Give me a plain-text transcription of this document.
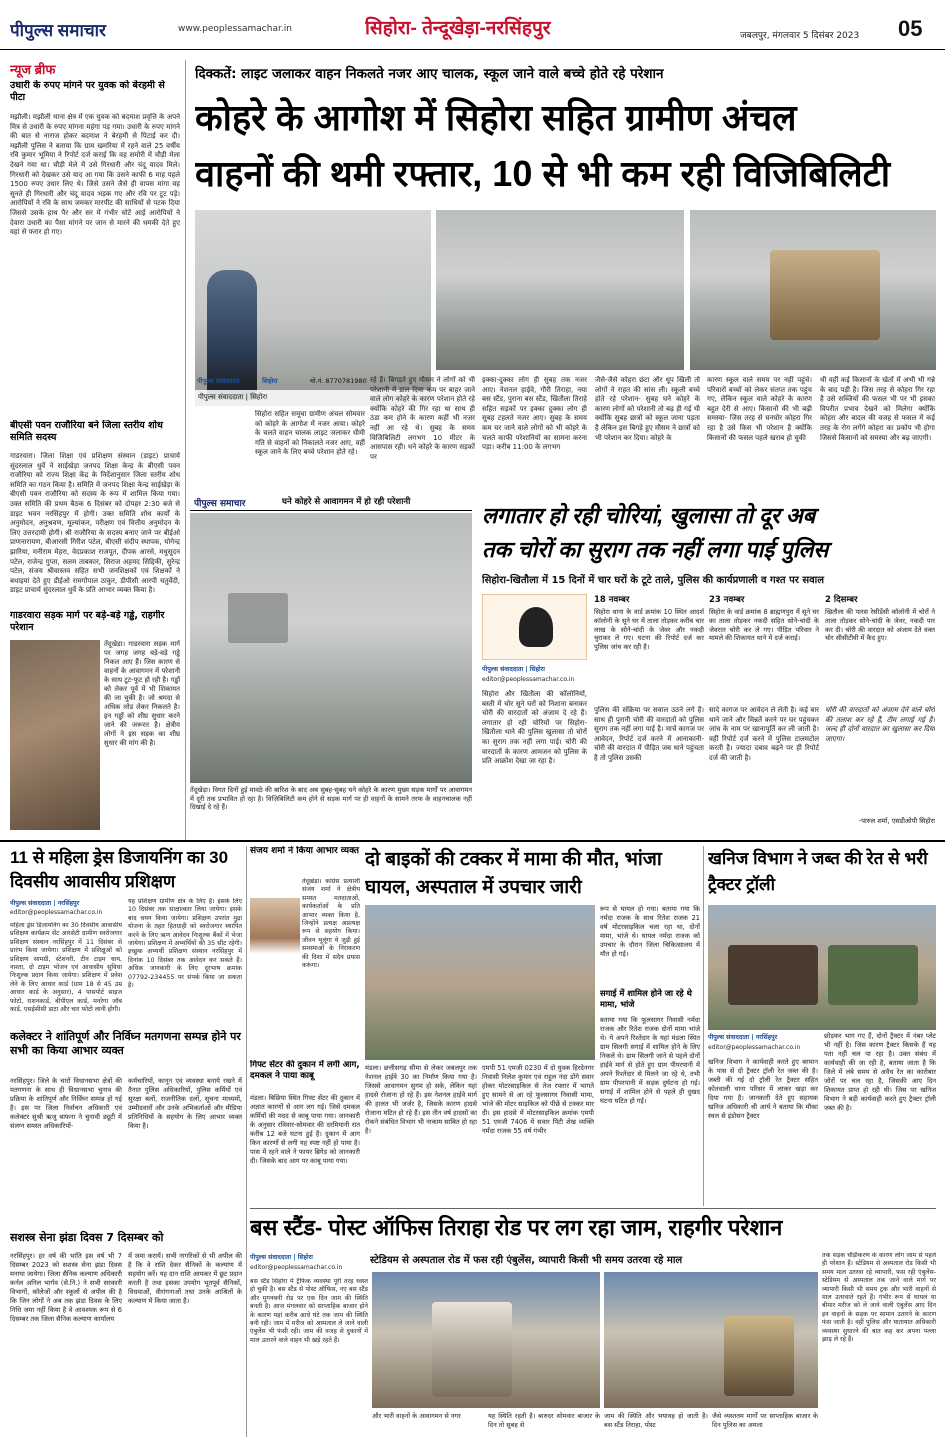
पीपुल्स समाचार	www.peoplessamachar.in	सिहोरा- तेन्दूखेड़ा-नरसिंहपुर	जबलपुर, मंगलवार 5 दिसंबर 2023	05
न्यूज ब्रीफ
उधारी के रुपए मांगने पर युवक को बेरहमी से पीटा
मझौली। मझौली थाना क्षेत्र में एक युवक को बदमाश प्रवृत्ति के अपने मित्र से उधारी के रुपए मांगना महंगा पड़ गया। उधारी के रुपए मांगने की बात से नाराज होकर बदमाश ने बेरहमी से पिटाई कर दी। मझौली पुलिस ने बताया कि ग्राम खमरिया में रहने वाले 25 वर्षीय रवि कुमार भूमिया ने रिपोर्ट दर्ज कराई कि वह समोरी में चौड़ी मेला देखने गया था। चौड़ी मेले में उसे गिरधारी और चंदू यादव मिले। गिरधारी को देखकर उसे याद आ गया कि उसने काफी 6 माह पहले 1500 रुपए उधार लिए थे। जिसे उसने जैसे ही वापस मांगा वह सुनते ही गिरधारी और चंदू यादव भड़क गए और रवि पर टूट पड़े। आरोपियों ने रवि के साथ जमकर मारपीट की साथियों से पटक दिया जिससे उसके हाथ पैर और सर में गंभीर चोटें आई आरोपियों ने देवारा उधारी का पैसा मांगने पर जान से मारने की धमकी देते हुए वहां से फरार हो गए।
बीएसी पवन राजौरिया बने जिला स्तरीय शोध समिति सदस्य
गाडरवारा। जिला शिक्षा एवं प्रशिक्षण संस्थान (डाइट) प्राचार्य सुंदरलाल धुर्वे ने साईखेड़ा जनपद शिक्षा केन्द्र के बीएसी पवन राजौरिया को राज्य शिक्षा केंद्र के निर्देशानुसार जिला स्तरीय शोध समिति का गठन किया है। समिति में जनपद शिक्षा केन्द्र साईखेड़ा के बीएसी पवन राजौरिया को सदस्य के रूप में शामिल किया गया। उक्त समिति की प्रथम बैठक 6 दिसंबर को दोपहर 2:30 बजे से डाइट भवन नरसिंहपुर में होगी। उक्त समिति शोध कार्यों के अनुमोदन, अनुश्रवण, मूल्यांकन, परीक्षण एवं वित्तीय अनुमोदन के लिए उत्तरदायी होगी। श्री राजौरिया के सदस्य बनाए जाने पर बीईओ प्राणनारायण, बीआरसी गिरीश पटेल, बीएसी संदीप स्थापक, योगेन्द्र झारिया, मनीराम मेहरा, वेदप्रकाश राजपूत, दीपक आरसे, मधुसूदन पटेल, राजेन्द्र गुप्ता, सलम ताबकार, सिराज अहमद सिद्दिकी, सुरेन्द्र पटेल, संजय श्रीवास्तव सहित सभी जनशिक्षकों एवं शिक्षकों ने बधाइयां देते हुए डीईओ रामगोपाल ठाकुर, डीपीसी आरपी चतुर्वेदी, डाइट प्राचार्य सुंदरलाल धुर्वे के प्रति आभार व्यक्त किया है।
गाडरवारा सड़क मार्ग पर बड़े-बड़े गड्ढे, राहगीर परेशान
तेंदूखेड़ा। गाडरवारा सड़क मार्ग पर जगह जगह बड़े-बड़े गड्ढे निकल आए हैं। जिस कारण से वाहनों के आवागमन में परेशानी के साथ टूट-फूट हो रही है। गड्ढों को लेकर पूर्व में भी शिकायत की जा चुकी है। जो श्रमदा से अधिक लोड लेकर निकलते है। इन गड्ढों को शीघ्र सुधार करने जाने की जरूरत है। क्षेत्रीय लोगों ने इस सड़क का शीघ्र सुधार की मांग की है।
दिक्कतें: लाइट जलाकर वाहन निकलते नजर आए चालक, स्कूल जाने वाले बच्चे होते रहे परेशान
कोहरे के आगोश में सिहोरा सहित ग्रामीण अंचल
वाहनों की थमी रफ्तार, 10 से भी कम रही विजिबिलिटी
पीपुल्स संवाददाता | सिहोरा
पीपुल्स संवाददाता	सिहोरा	मो.नं. 8770781980
सिहोरा सहित समूचा ग्रामीण अंचल सोमवार को कोहरे के आगोश में नजर आया। कोहरे के चलते वाहन चालक लाइट जलाकर धीमी गति से वाहनों को निकालते नजर आए, वहीं स्कूल जाने के लिए बच्चे परेशान होते रहे।
रहे हैं। बिगड़ते हुए मौसम ने लोगों को भी परेशानी में डाल दिया कम पर बाहर जाने वाले लोग कोहरे के कारण परेशान होते रहे क्योंकि कोहरे की गिर रहा था साथ ही ठंडा कम होने के कारण कहीं भी नजर नहीं आ रहे थे। सुबह के समय विजिबिलिटी लगभग 10 मीटर के आसपास रही। धने कोहरे के कारण सड़कों पर
इक्का-दुक्का लोग ही सुबह तक नजर आए। नेशनल हाईवे, गौरी तिराहा, नया बस स्टैंड, पुराना बस स्टैंड, खितौला तिराहे सहित सड़कों पर इक्का दुक्का लोग ही सुबह टहलते नजर आए। सुबह के समय कम घर जाने वाले लोगों को भी कोहरे के चलते काफी परेशानियों का सामना करना पड़ा। करीब 11:00 के लगभग
जैसे-जैसे कोहरा छंटा और धूप खिली तो लोगों ने राहत की सांस ली। स्कूली बच्चे होते रहे परेशान- सुबह घने कोहरे के कारण लोगों को परेशानी तो बढ़ ही गई थी क्योंकि सुबह छात्रों को स्कूल जाना पड़ता है लेकिन इस बिगड़े हुए मौसम ने छात्रों को भी परेशान कर दिया। कोहरे के
कारण स्कूल वाले समय पर नहीं पहुंचे। परिवारों बच्चों को लेकर संतप्त तक पहुंच गए, लेकिन स्कूल वाले कोहरे के कारण बहुत देरी से आए। किसानों की भी बढ़ी समस्या- जिस तरह से घनघोर कोहरा गिर रहा है उसे किस भी परेशान है क्योंकि किसानों की फसल पहले खराब हो चुकी
थी वहीं कई किसानों के खेतों में अभी भी गन्ने के बाद पड़ी है। जिस तरह से कोहरा गिर रहा है उसे सब्जियों की फसल भी पर भी इसका विपरीत प्रभाव देखने को मिलेगा क्योंकि कोहरा और बादल की वजह से फसल में कई तरह के रोग लगेंगे कोहरा का प्रकोप भी होगा जिससे किसानों को समस्या और बढ़ जाएगी।
पीपुल्स समाचार	घने कोहरे से आवागमन में हो रही परेशानी
तेंदूखेड़ा। विगत दिनों हुई मावठे की बारिश के बाद अब सुबह-सुबह घने कोहरे के कारण मुख्य सड़क मार्गों पर आवागमन में दूरी तक प्रभावित हो रहा है। विज़िबिलिटी कम होने से सड़क मार्ग पर ही वाहनों के सामने तरफ के वाहनचालक नहीं दिखाई दे रहे हैं।
लगातार हो रही चोरियां, खुलासा तो दूर अब
तक चोरों का सुराग तक नहीं लगा पाई पुलिस
सिहोरा-खितौला में 15 दिनों में चार घरों के टूटे ताले, पुलिस की कार्यप्रणाली व गश्त पर सवाल
पीपुल्स संवाददाता | सिहोरा
editor@peoplessamachar.co.in
18 नवम्बर
सिहोरा थाना के वार्ड क्रमांक 10 स्थित आदर्श कॉलोनी के सूने घर में ताला तोड़कर करीब चार लाख के सोने-चांदी के जेवर और नकदी चुराकर ले गए। घटना की रिपोर्ट दर्ज कर पुलिस जांच कर रही है।
23 नवम्बर
सिहोरा के वार्ड क्रमांक 8 ब्राह्मणपुरा में सूने घर का ताला तोड़कर नकदी सहित सोने-चांदी के जेवरात चोरी कर ले गए। पीड़ित परिवार ने मामले की शिकायत थाने में दर्ज कराई।
2 दिसम्बर
खितौला की पारस रेसीडेंसी कॉलोनी में चोरों ने ताला तोड़कर सोने-चांदी के जेवर, नकदी पार कर दी। चोरी की वारदात को अंजाम देते वक्त चोर सीसीटीवी में कैद हुए।
सिहोरा और खितौला की कॉलोनियों, बस्ती में चोर सूने घरों को निशाना बनाकर चोरी की वारदातों को अंजाम दे रहे हैं। लगातार हो रही चोरियों पर सिहोरा-खितौला थाने की पुलिस खुलासा तो चोरों का सुराग तक नहीं लगा पाई। चोरी की वारदातों के कारण आमजन को पुलिस के प्रति आक्रोश देखा जा रहा है।
पुलिस की संक्रिया पर सवाल उठने लगे हैं। साथ ही पुरानी चोरी की वारदातों को पुलिस सुराग तक नहीं लगा पाई है। मार्च कागज पर आवेदन, रिपोर्ट दर्ज करने में आनाकानी- चोरी की वारदात में पीड़ित जब थाने पहुंचता है तो पुलिस उसकी
सादे कागज पर आवेदन ले लेती है। कई बार थाने जाने और मिन्नतें करने पर घर पहुंचकर जांच के नाम पर खानापूर्ति कर ली जाती है। वहीं रिपोर्ट दर्ज करने में पुलिस टालमटोल करती है। ज्यादा दबाव बढ़ने पर ही रिपोर्ट दर्ज की जाती है।
चोरी की वारदातों को अंजाम देने वाले चोरों की तलाश कर रहे हैं, टीम लगाई गई है। जल्द ही दोनों वारदात का खुलासा कर दिया जाएगा।
-पारुल शर्मा, एसडीओपी सिहोरा
11 से महिला ड्रेस डिजायनिंग का 30 दिवसीय आवासीय प्रशिक्षण
पीपुल्स संवाददाता | नरसिंहपुर
editor@peoplessamachar.co.in
महिला ड्रेस डिजायनिंग का 30 दिवसीय आवासीय प्रशिक्षण कार्यक्रम सेंट आरसेटी ग्रामीण स्वरोजगार प्रशिक्षण संस्थान नरसिंहपुर में 11 दिसंबर से प्रारंभ किया जायेगा। प्रशिक्षण में प्रशिक्षुओं को प्रशिक्षण सामग्री, स्टेशनरी, टीन टाइम चाय, नाश्ता, दो टाइम भोजन एवं आवासीय सुविधा निःशुल्क प्रदान किया जायेगा। प्रशिक्षण में प्रवेश लेने के लिए आधार कार्ड (ग्राम 18 से 45 उम्र आधार कार्ड के अनुसार), 4 पासपोर्ट साइज फोटो, राशनकार्ड, बीपीएल कार्ड, मनरेगा जॉब कार्ड, एसईसीसी डाटा और चार फोटो लानी होगी।
यह प्रशिक्षण ग्रामीण क्षेत्र के लिए है। इसके लिए 10 दिसंबर तक साक्षात्कार लिया जायेगा। इसके बाद चयन किया जायेगा। प्रशिक्षण उपरांत मुद्रा योजना के तहत हितग्राही को स्वरोजगार स्थापित करने के लिए ऋण आवेदन निःशुल्क बैंकों में भेजा जायेगा। प्रशिक्षण में अभ्यर्थियों की 35 सीट रहेगी। इच्छुक अभ्यर्थी प्रशिक्षण संस्थान नरसिंहपुर में दिनांक 10 दिसंबर तक आवेदन कर सकते हैं। अधिक जानकारी के लिए दूरभाष क्रमांक 07792-234455 पर संपर्क किया जा सकता है।
कलेक्टर ने शांतिपूर्ण और निर्विघ्न मतगणना सम्पन्न होने पर सभी का किया आभार व्यक्त
नरसिंहपुर। जिले के चारों विधानसभा क्षेत्रों की मतगणना के साथ ही विधानसभा चुनाव की प्रक्रिया के शांतिपूर्ण और निर्विघ्न सम्पन्न हो गई है। इस पर जिला निर्वाचन अधिकारी एवं कलेक्टर सुश्री ऋजु बाफना ने चुनावी ड्यूटी में संलग्न समस्त अधिकारियों-
कर्मचारियों, कानून एवं व्यवस्था बनाये रखने में तैनात पुलिस अधिकारियों, पुलिस कर्मियों एवं सुरक्षा बलों, राजनीतिक दलों, सूचना माध्यमों, उम्मीदवारों और उनके अभिकर्ताओं और मीडिया प्रतिनिधियों के सहयोग के लिए आभार व्यक्त किया है।
सशस्त्र सेना झंडा दिवस 7 दिसम्बर को
नरसिंहपुर। हर वर्ष की भांति इस वर्ष भी 7 दिसम्बर 2023 को सशस्त्र सेना झंडा दिवस मनाया जायेगा। जिला सैनिक कल्याण अधिकारी कर्नल अनिल भार्गव (से.नि.) ने सभी सरकारी विभागों, कॉलेजों और स्कूलों से अपील की है कि जिन लोगों ने अब तक झंडा दिवस के लिए निधि जमा नहीं किया है वे आवश्यक रूप से 6 दिसम्बर तक जिला सैनिक कल्याण कार्यालय
में जमा करायें। सभी नागरिकों से भी अपील की है कि वे राशि देकर सैनिकों के कल्याण में सहयोग करें। यह दान राशि आयकर में छूट प्रदान करती है तथा इसका उपयोग भूतपूर्व सैनिकों, विधवाओं, वीरांगनाओं तथा उनके आश्रितों के कल्याण में किया जाता है।
संजय शर्मा ने किया आभार व्यक्त
तेंदूखेड़ा। कांग्रेस प्रत्याशी संजय शर्मा ने क्षेत्रीय समस्त मतदाताओं, कार्यकर्ताओं के प्रति आभार व्यक्त किया है, जिन्होंने प्रत्यक्ष अप्रत्यक्ष रूप से सहयोग किया। जीवन भूलूंगा ये जुड़ी हुई समस्याओं के निराकरण की दिशा में सदैव प्रयास करूंगा।
गिफ्ट सेंटर की दुकान में लगी आग, दमकल ने पाया काबू
मंडला। बिछिया स्थित गिफ्ट सेंटर की दुकान में अज्ञात कारणों से आग लग गई। जिसे दमकल कर्मियों की मदद से काबू पाया गया। जानकारी के अनुसार रविवार-सोमवार की दरमियानी रात करीब 12 बजे घटना हुई है। दुकान में आग किन कारणों से लगी यह स्पष्ट नहीं हो पाया है। पास में रहने वाले ने फायर ब्रिगेड को जानकारी दी। जिसके बाद आग पर काबू पाया गया।
दो बाइकों की टक्कर में मामा की मौत, भांजा घायल, अस्पताल में उपचार जारी
मंडला। छत्तीसगढ़ सीमा से लेकर जबलपुर तक नेशनल हाईवे 30 का निर्माण किया गया है। जिससे आवागमन सुगम हो सके, लेकिन यहां हादसे रोजाना हो रहे हैं। इस नेशनल हाईवे मार्ग की हालत भी जर्जर है, जिसके कारण हादसे रोजाना घटित हो रहे हैं। इस तीन वर्ष हादसों का रोकने संबंधित विभाग भी नाकाम साबित हो रहा है।
एमपी 51 एमजी 0230 में दो युवक हिरदेनगर निवासी निलेश कुमार एवं राहुल नंदा डोंगे सवार होकर मोटरसाइकिल से तेज रफ्तार में भागते हुए सामने से आ रहे फूलसागर निवासी मामा, भांजे की मोटर साइकिल को पीछे से टक्कर मार दी। इस हादसे में मोटरसाइकिल क्रमांक एमपी 51 एमजी 7406 में सवार पिंटी शेख व्यक्ति नर्मदा राजक 55 वर्ष गंभीर
रूप से घायल हो गया। बताया गया कि नर्मदा राजक के साथ रितेश राजक 21 वर्ष मोटरसाइकिल चला रहा था, दोनों मामा, भांजे थे। घायल नर्मदा राजक को उपचार के दौरान जिला चिकित्सालय में मौत हो गई।
सगाई में शामिल होने जा रहे थे मामा, भांजे
बताया गया कि फूलसागर निवासी नर्मदा राजक और रितेश राजक दोनों मामा भांजे थे। ये अपने रिश्तेदार के यहां मंडला स्थित ग्राम सिलगी सगाई में शामिल होने के लिए निकले थे। ग्राम सिलगी जाने से पहले दोनों हाईवे मार्ग से होते हुए ग्राम पीपरपानी में अपने रिश्तेदार से मिलने जा रहे थे, तभी ग्राम पीपरपानी में सड़क दुर्घटना हो गई। सगाई में शामिल होने से पहले ही दुखद घटना घटित हो गई।
खनिज विभाग ने जब्त की रेत से भरी ट्रैक्टर ट्रॉली
पीपुल्स संवाददाता | नरसिंहपुर
editor@peoplessamachar.co.in
खनिज विभाग ने कार्यवाही करते हुए बरमान के पास से दो ट्रैक्टर ट्रॉली रेत जब्त की है। जब्ती की गई दो ट्रॉली रेत ट्रैक्टर सहित कोतवाली थाना परिसर में लाकर खड़ा कर दिया गया है। जानकारी देते हुए सहायक खनिज अधिकारी श्री आर्य ने बताया कि मौका स्थल से इंडोसन ट्रैक्टर
छोड़कर भाग गए हैं, दोनों ट्रैक्टर में नंबर प्लेट भी नहीं है। जिस कारण ट्रैक्टर किसके हैं यह पता नहीं चल पा रहा है। उक्त संबंध में कार्यवाही की जा रही है, बताया जाता है कि जिले में लंबे समय से अवैध रेत का कारोबार जोरों पर चल रहा है, जिसकी आए दिन शिकायत प्राप्त हो रही थी। जिस पर खनिज विभाग ने बड़ी कार्यवाही करते हुए ट्रैक्टर ट्रॉली जब्त की है।
बस स्टैंड- पोस्ट ऑफिस तिराहा रोड पर लग रहा जाम, राहगीर परेशान
स्टेडियम से अस्पताल रोड में फस रही एंबुलेंस, व्यापारी किसी भी समय उतरवा रहे माल
पीपुल्स संवाददाता | सिहोरा
editor@peoplessamachar.co.in
बस स्टैंड सिहोरा में ट्रैफिक व्यवस्था पूरी तरह ध्वस्त हो चुकी है। बस स्टैंड से पोस्ट ऑफिस, नए बस स्टैंड और मुगनबनी रोड पर एक दिन जाम की स्थिति बनती है। आज मंगलवार को साप्ताहिक बाजार होने के कारण यहां करीब आधे घंटे तक जाम की स्थिति बनी रही। जाम में मरीज को अस्पताल ले जाने वाली एंबुलेंस भी फंसी रही। जाम की वजह से दुकानों में माल उतारने वाले वाहन भी खड़े रहते हैं।
तक सड़क चौड़ीकरण के कारण लोग जाम से पहले ही परेशान हैं। स्टेडियम से अस्पताल रोड किसी भी समय माल उतरवा रहे व्यापारी, फस रही एंबुलेंस- स्टेडियम से अस्पताल तक जाने वाले मार्ग पर व्यापारी किसी भी समय ट्रक और भारी वाहनों से माल उतरवाते रहते हैं। गंभीर रूप से घायल या बीमार मरीज को ले जाने वाली एंबुलेंस आए दिन इन वाहनों के सड़क पर सामान उतारने के कारण फंस जाती है। वहीं पुलिस और यातायात अधिकारी व्यवस्था सुधारने की बात कह कर अपना पल्ला झाड़ ले रहे हैं।
और भारी वाहनों के आवागमन से नगर	यह स्थिति रहती है। बारुदर सोमवार बाजार के दिन तो सुबह से
जाम की स्थिति और भयावह हो जाती है। बस स्टैंड तिराहा, पोस्ट
जैसे व्यस्ततम मार्गों पर साप्ताहिक बाजार के दिन पुलिस का अमला
